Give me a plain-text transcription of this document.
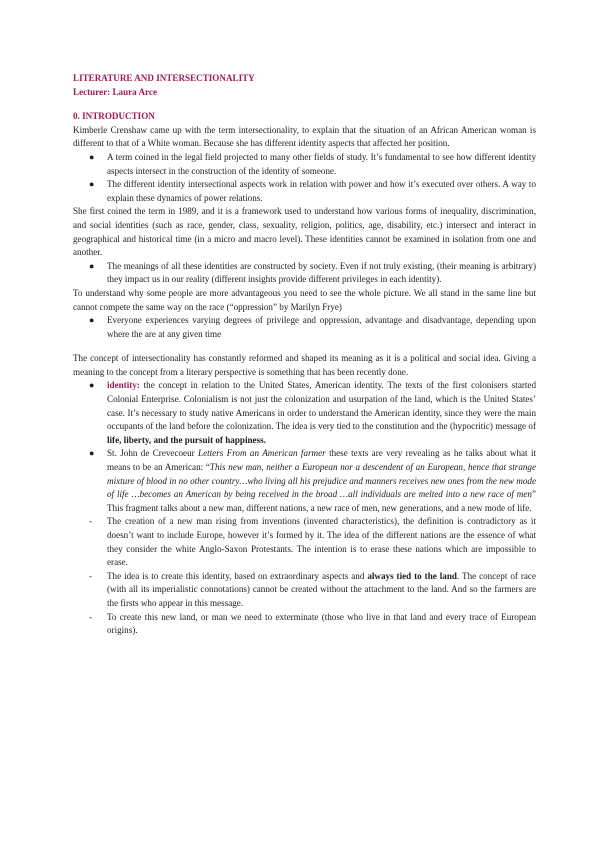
LITERATURE AND INTERSECTIONALITY
Lecturer: Laura Arce
0. INTRODUCTION

Kimberle Crenshaw came up with the term intersectionality, to explain that the situation of an African American woman is different to that of a White woman. Because she has different identity aspects that affected her position.

●	A term coined in the legal field projected to many other fields of study. It’s fundamental to see how different identity aspects intersect in the construction of the identity of someone.
●	The different identity intersectional aspects work in relation with power and how it’s executed over others. A way to explain these dynamics of power relations.

She first coined the term in 1989, and it is a framework used to understand how various forms of inequality, discrimination, and social identities (such as race, gender, class, sexuality, religion, politics, age, disability, etc.) intersect and interact in geographical and historical time (in a micro and macro level). These identities cannot be examined in isolation from one and another.

●	The meanings of all these identities are constructed by society. Even if not truly existing, (their meaning is arbitrary) they impact us in our reality (different insights provide different privileges in each identity).

To understand why some people are more advantageous you need to see the whole picture. We all stand in the same line but cannot compete the same way on the race (“oppression” by Marilyn Frye)

●	Everyone experiences varying degrees of privilege and oppression, advantage and disadvantage, depending upon where the are at any given time

The concept of intersectionality has constantly reformed and shaped its meaning as it is a political and social idea. Giving a meaning to the concept from a literary perspective is something that has been recently done.

●	identity: the concept in relation to the United States, American identity. The texts of the first colonisers started Colonial Enterprise. Colonialism is not just the colonization and usurpation of the land, which is the United States’ case. It’s necessary to study native Americans in order to understand the American identity, since they were the main occupants of the land before the colonization. The idea is very tied to the constitution and the (hypocritic) message of life, liberty, and the pursuit of happiness.
●	St. John de Crevecoeur Letters From an American farmer these texts are very revealing as he talks about what it means to be an American: “This new man, neither a European nor a descendent of an European, hence that strange mixture of blood in no other country…who living all his prejudice and manners receives new ones from the new mode of life …becomes an American by being received in the broad …all individuals are melted into a new race of men” This fragment talks about a new man, different nations, a new race of men, new generations, and a new mode of life.
-	The creation of a new man rising from inventions (invented characteristics), the definition is contradictory as it doesn’t want to include Europe, however it’s formed by it. The idea of the different nations are the essence of what they consider the white Anglo-Saxon Protestants. The intention is to erase these nations which are impossible to erase.
-	The idea is to create this identity, based on extraordinary aspects and always tied to the land. The concept of race (with all its imperialistic connotations) cannot be created without the attachment to the land. And so the farmers are the firsts who appear in this message.
-	To create this new land, or man we need to exterminate (those who live in that land and every trace of European origins).
